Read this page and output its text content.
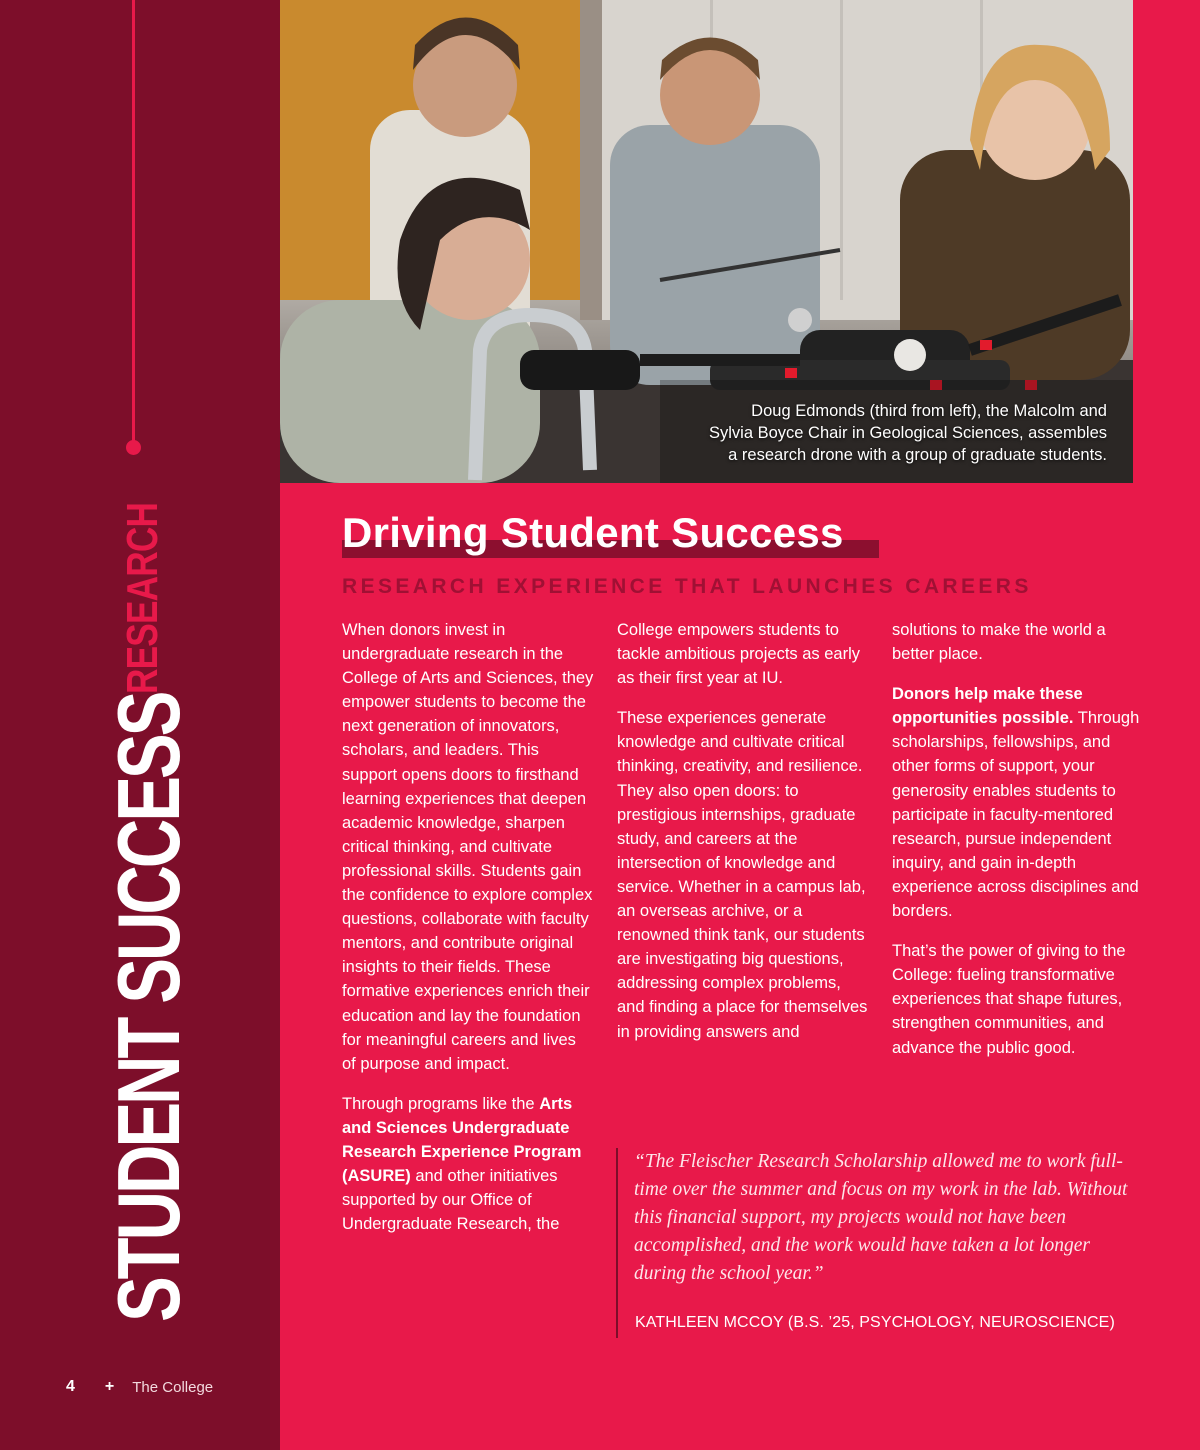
STUDENT SUCCESS
RESEARCH
4 + The College
Doug Edmonds (third from left), the Malcolm and
Sylvia Boyce Chair in Geological Sciences, assembles
a research drone with a group of graduate students.
Driving Student Success
RESEARCH EXPERIENCE THAT LAUNCHES CAREERS

When donors invest in undergraduate research in the College of Arts and Sciences, they empower students to become the next generation of innovators, scholars, and leaders. This support opens doors to firsthand learning experiences that deepen academic knowledge, sharpen critical thinking, and cultivate professional skills. Students gain the confidence to explore complex questions, collaborate with faculty mentors, and contribute original insights to their fields. These formative experiences enrich their education and lay the foundation for meaningful careers and lives of purpose and impact.

Through programs like the Arts and Sciences Undergraduate Research Experience Program (ASURE) and other initiatives supported by our Office of Undergraduate Research, the

College empowers students to tackle ambitious projects as early as their first year at IU.

These experiences generate knowledge and cultivate critical thinking, creativity, and resilience. They also open doors: to prestigious internships, graduate study, and careers at the intersection of knowledge and service. Whether in a campus lab, an overseas archive, or a renowned think tank, our students are investigating big questions, addressing complex problems, and finding a place for themselves in providing answers and

solutions to make the world a better place.

Donors help make these opportunities possible. Through scholarships, fellowships, and other forms of support, your generosity enables students to participate in faculty-mentored research, pursue independent inquiry, and gain in-depth experience across disciplines and borders.

That’s the power of giving to the College: fueling transformative experiences that shape futures, strengthen communities, and advance the public good.

“The Fleischer Research Scholarship allowed me to work full-time over the summer and focus on my work in the lab. Without this financial support, my projects would not have been accomplished, and the work would have taken a lot longer during the school year.”

KATHLEEN MCCOY (B.S. ’25, PSYCHOLOGY, NEUROSCIENCE)
